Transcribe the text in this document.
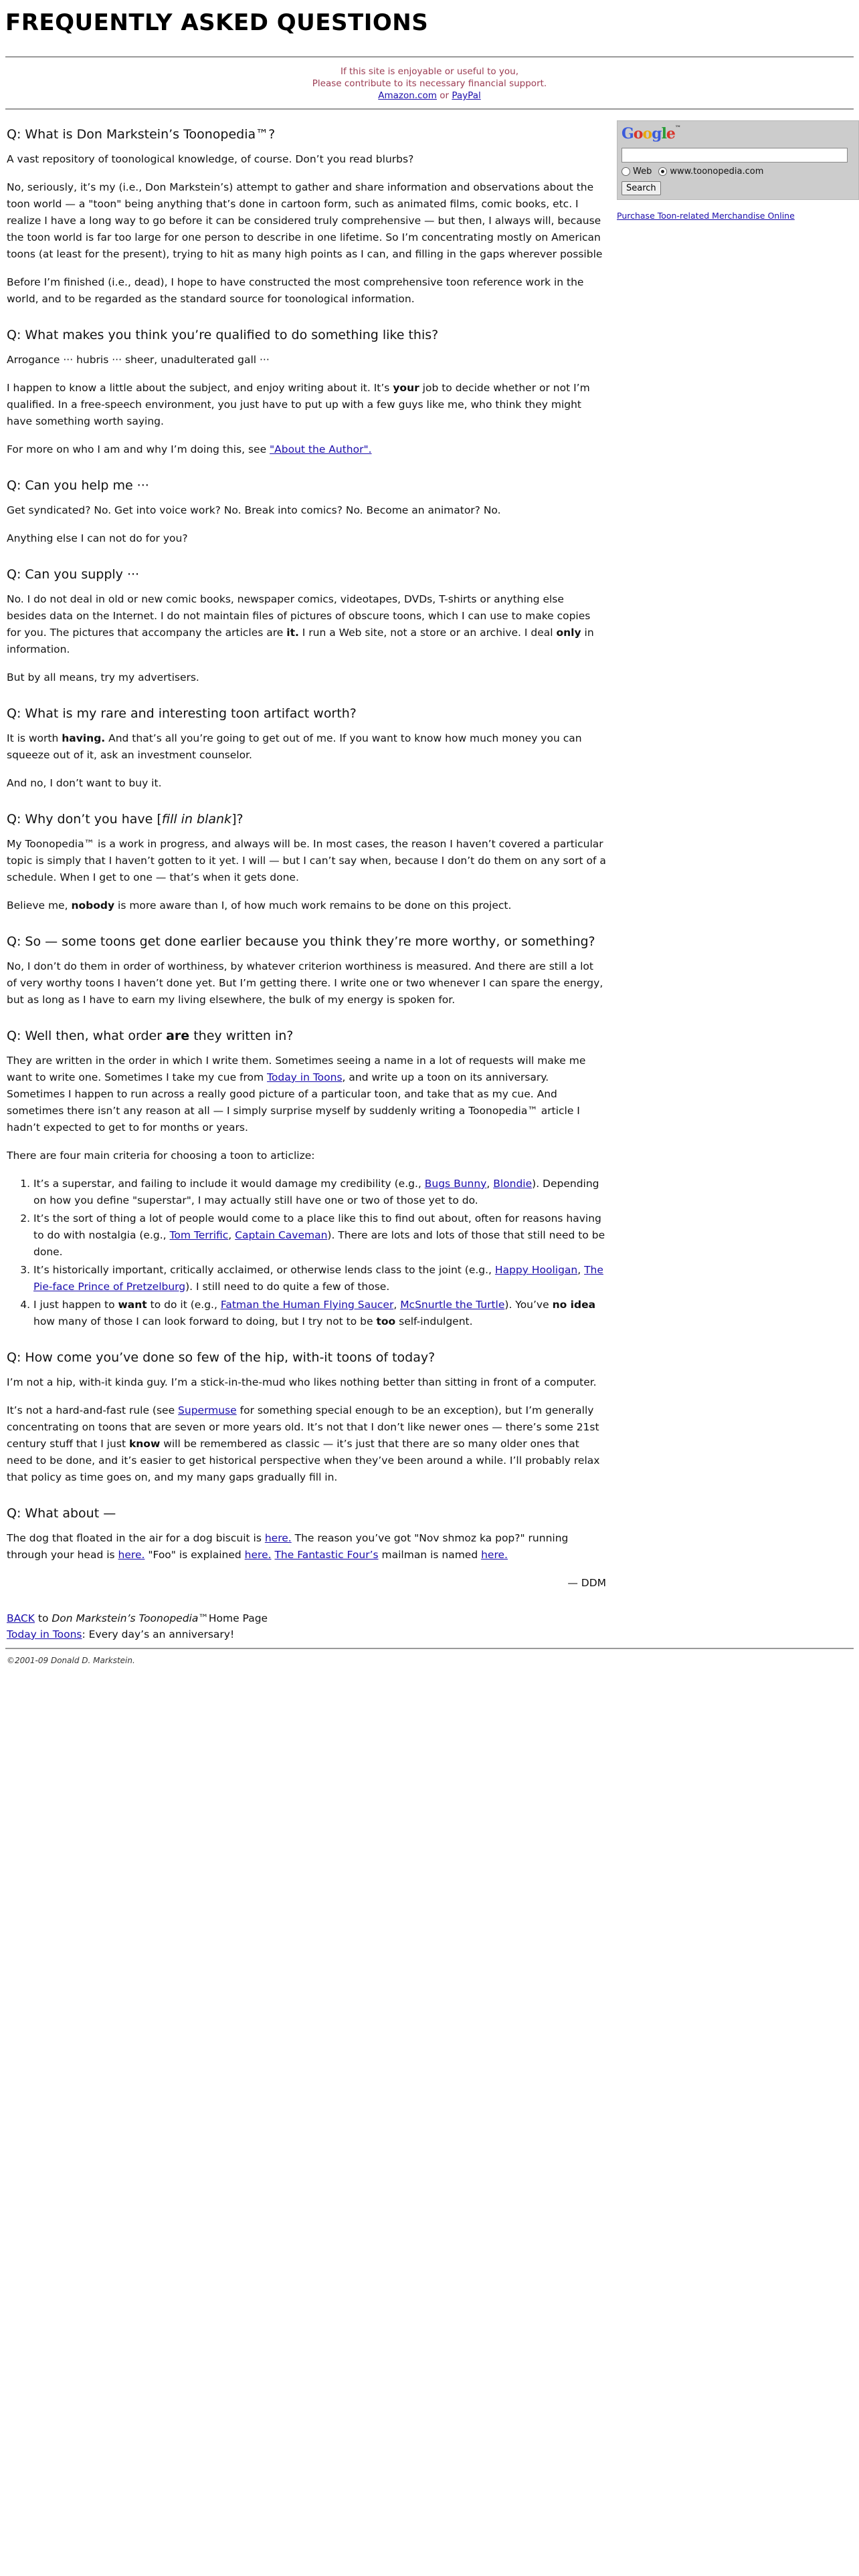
FREQUENTLY ASKED QUESTIONS
If this site is enjoyable or useful to you,
Please contribute to its necessary financial support.
Amazon.com or PayPal
Q: What is Don Markstein’s Toonopedia™?

A vast repository of toonological knowledge, of course. Don’t you read blurbs?

No, seriously, it’s my (i.e., Don Markstein’s) attempt to gather and share information and observations about the toon world — a "toon" being anything that’s done in cartoon form, such as animated films, comic books, etc. I realize I have a long way to go before it can be considered truly comprehensive — but then, I always will, because the toon world is far too large for one person to describe in one lifetime. So I’m concentrating mostly on American toons (at least for the present), trying to hit as many high points as I can, and filling in the gaps wherever possible

Before I’m finished (i.e., dead), I hope to have constructed the most comprehensive toon reference work in the world, and to be regarded as the standard source for toonological information.

Q: What makes you think you’re qualified to do something like this?

Arrogance ··· hubris ··· sheer, unadulterated gall ···

I happen to know a little about the subject, and enjoy writing about it. It’s your job to decide whether or not I’m qualified. In a free-speech environment, you just have to put up with a few guys like me, who think they might have something worth saying.

For more on who I am and why I’m doing this, see "About the Author".

Q: Can you help me ···

Get syndicated? No. Get into voice work? No. Break into comics? No. Become an animator? No.

Anything else I can not do for you?

Q: Can you supply ···

No. I do not deal in old or new comic books, newspaper comics, videotapes, DVDs, T-shirts or anything else besides data on the Internet. I do not maintain files of pictures of obscure toons, which I can use to make copies for you. The pictures that accompany the articles are it. I run a Web site, not a store or an archive. I deal only in information.

But by all means, try my advertisers.

Q: What is my rare and interesting toon artifact worth?

It is worth having. And that’s all you’re going to get out of me. If you want to know how much money you can squeeze out of it, ask an investment counselor.

And no, I don’t want to buy it.

Q: Why don’t you have [fill in blank]?

My Toonopedia™ is a work in progress, and always will be. In most cases, the reason I haven’t covered a particular topic is simply that I haven’t gotten to it yet. I will — but I can’t say when, because I don’t do them on any sort of a schedule. When I get to one — that’s when it gets done.

Believe me, nobody is more aware than I, of how much work remains to be done on this project.

Q: So — some toons get done earlier because you think they’re more worthy, or something?

No, I don’t do them in order of worthiness, by whatever criterion worthiness is measured. And there are still a lot of very worthy toons I haven’t done yet. But I’m getting there. I write one or two whenever I can spare the energy, but as long as I have to earn my living elsewhere, the bulk of my energy is spoken for.

Q: Well then, what order are they written in?

They are written in the order in which I write them. Sometimes seeing a name in a lot of requests will make me want to write one. Sometimes I take my cue from Today in Toons, and write up a toon on its anniversary. Sometimes I happen to run across a really good picture of a particular toon, and take that as my cue. And sometimes there isn’t any reason at all — I simply surprise myself by suddenly writing a Toonopedia™ article I hadn’t expected to get to for months or years.

There are four main criteria for choosing a toon to articlize:

1. It’s a superstar, and failing to include it would damage my credibility (e.g., Bugs Bunny, Blondie). Depending on how you define "superstar", I may actually still have one or two of those yet to do.
2. It’s the sort of thing a lot of people would come to a place like this to find out about, often for reasons having to do with nostalgia (e.g., Tom Terrific, Captain Caveman). There are lots and lots of those that still need to be done.
3. It’s historically important, critically acclaimed, or otherwise lends class to the joint (e.g., Happy Hooligan, The Pie-face Prince of Pretzelburg). I still need to do quite a few of those.
4. I just happen to want to do it (e.g., Fatman the Human Flying Saucer, McSnurtle the Turtle). You’ve no idea how many of those I can look forward to doing, but I try not to be too self-indulgent.
Q: How come you’ve done so few of the hip, with-it toons of today?

I’m not a hip, with-it kinda guy. I’m a stick-in-the-mud who likes nothing better than sitting in front of a computer.

It’s not a hard-and-fast rule (see Supermuse for something special enough to be an exception), but I’m generally concentrating on toons that are seven or more years old. It’s not that I don’t like newer ones — there’s some 21st century stuff that I just know will be remembered as classic — it’s just that there are so many older ones that need to be done, and it’s easier to get historical perspective when they’ve been around a while. I’ll probably relax that policy as time goes on, and my many gaps gradually fill in.

Q: What about —

The dog that floated in the air for a dog biscuit is here. The reason you’ve got "Nov shmoz ka pop?" running through your head is here. "Foo" is explained here. The Fantastic Four’s mailman is named here.

— DDM
BACK to Don Markstein’s Toonopedia™Home Page
Today in Toons: Every day’s an anniversary!
Google™
Web www.toonopedia.com
Search
Purchase Toon-related Merchandise Online
©2001-09 Donald D. Markstein.
